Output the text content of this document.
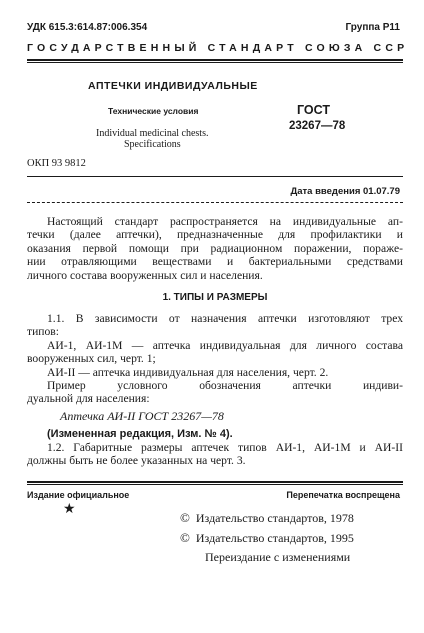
УДК 615.3:614.87:006.354	Группа Р11
ГОСУДАРСТВЕННЫЙ СТАНДАРТ СОЮЗА ССР
АПТЕЧКИ ИНДИВИДУАЛЬНЫЕ
Технические условия
Individual medicinal chests.
Specifications
ГОСТ
23267—78
ОКП 93 9812
Дата введения 01.07.79
Настоящий стандарт распространяется на индивидуальные ап-
течки (далее аптечки), предназначенные для профилактики и
оказания первой помощи при радиационном поражении, пораже-
нии отравляющими веществами и бактериальными средствами
личного состава вооруженных сил и населения.
1. ТИПЫ И РАЗМЕРЫ
1.1. В зависимости от назначения аптечки изготовляют трех
типов:
АИ-1, АИ-1М — аптечка индивидуальная для личного состава
вооруженных сил, черт. 1;
АИ-II — аптечка индивидуальная для населения, черт. 2.
Пример условного обозначения аптечки индиви-
дуальной для населения:
Аптечка АИ-II ГОСТ 23267—78
(Измененная редакция, Изм. № 4).
1.2. Габаритные размеры аптечек типов АИ-1, АИ-1М и АИ-II
должны быть не более указанных на черт. 3.
Издание официальное	Перепечатка воспрещена
★
© Издательство стандартов, 1978
© Издательство стандартов, 1995
Переиздание с изменениями
